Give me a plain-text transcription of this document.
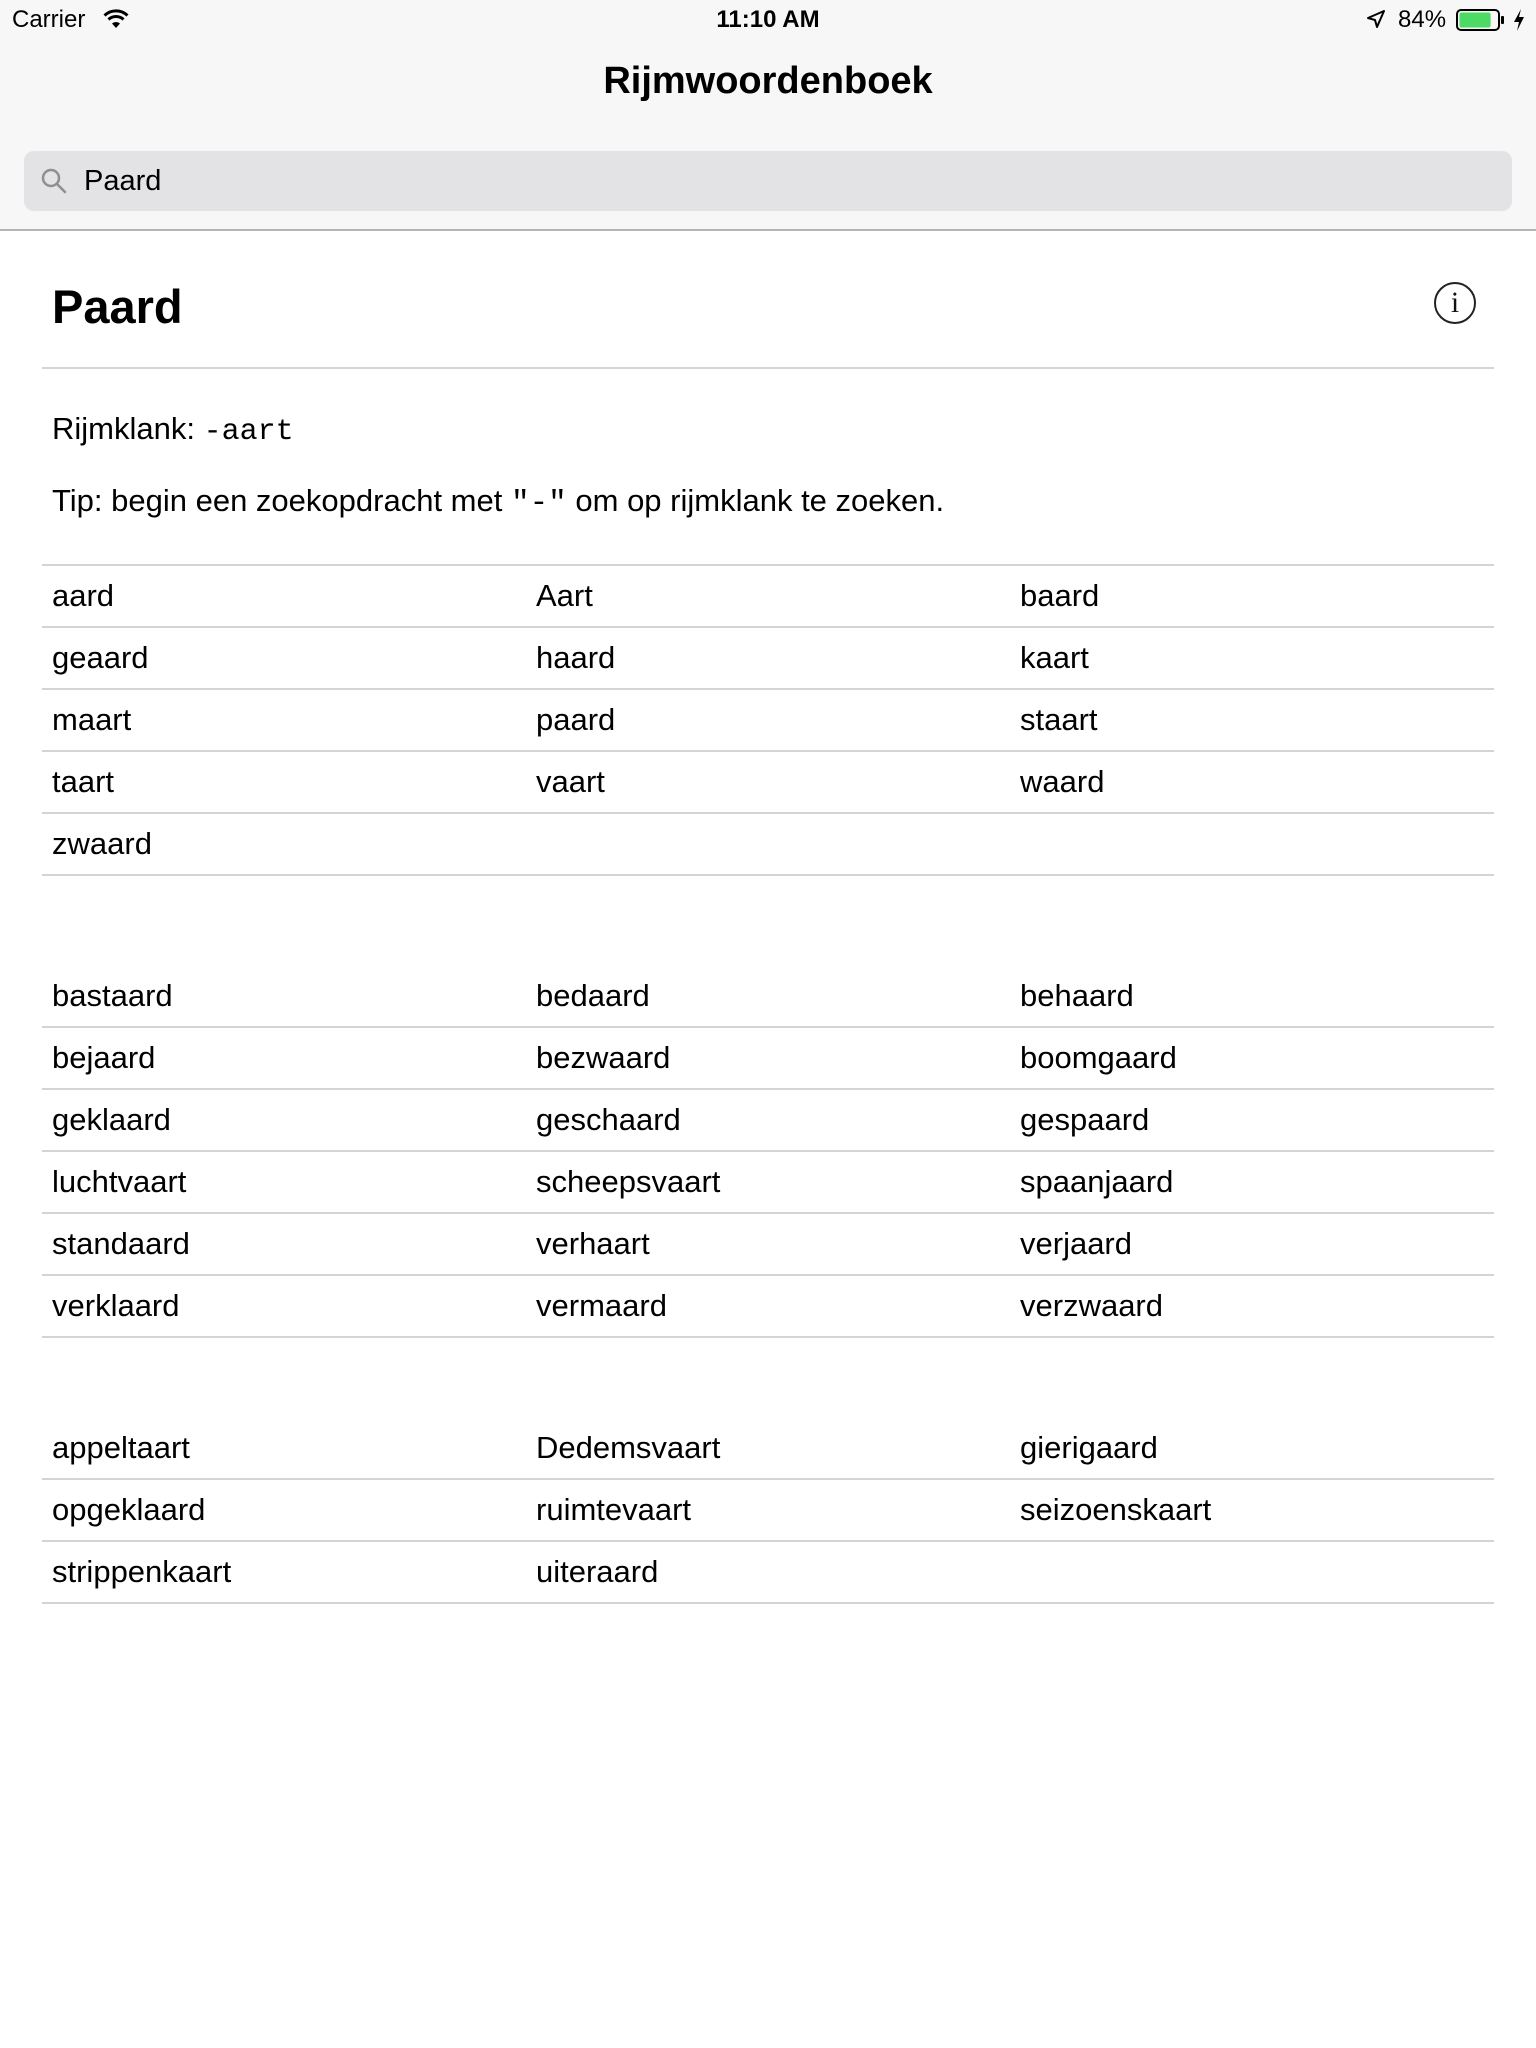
Carrier	11:10 AM	84%
Rijmwoordenboek
Paard
Paard	i
Rijmklank: -aart
Tip: begin een zoekopdracht met "-" om op rijmklank te zoeken.
aard	Aart	baard
geaard	haard	kaart
maart	paard	staart
taart	vaart	waard
zwaard
bastaard	bedaard	behaard
bejaard	bezwaard	boomgaard
geklaard	geschaard	gespaard
luchtvaart	scheepsvaart	spaanjaard
standaard	verhaart	verjaard
verklaard	vermaard	verzwaard
appeltaart	Dedemsvaart	gierigaard
opgeklaard	ruimtevaart	seizoenskaart
strippenkaart	uiteraard
